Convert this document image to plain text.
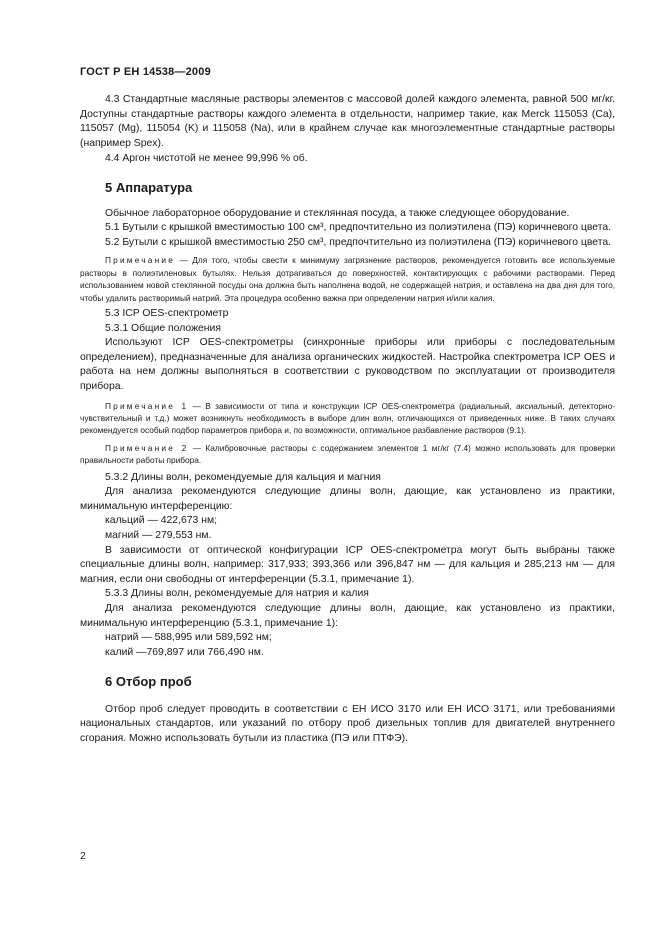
ГОСТ Р ЕН 14538—2009

4.3 Стандартные масляные растворы элементов с массовой долей каждого элемента, равной 500 мг/кг. Доступны стандартные растворы каждого элемента в отдельности, например такие, как Merck 115053 (Ca), 115057 (Mg), 115054 (K) и 115058 (Na), или в крайнем случае как многоэлементные стандартные растворы (например Spex).

4.4 Аргон чистотой не менее 99,996 % об.

5 Аппаратура

Обычное лабораторное оборудование и стеклянная посуда, а также следующее оборудование.

5.1 Бутыли с крышкой вместимостью 100 см³, предпочтительно из полиэтилена (ПЭ) коричневого цвета.

5.2 Бутыли с крышкой вместимостью 250 см³, предпочтительно из полиэтилена (ПЭ) коричневого цвета.

Примечание — Для того, чтобы свести к минимуму загрязнение растворов, рекомендуется готовить все используемые растворы в полиэтиленовых бутылях. Нельзя дотрагиваться до поверхностей, контактирующих с рабочими растворами. Перед использованием новой стеклянной посуды она должна быть наполнена водой, не содержащей натрия, и оставлена на два дня для того, чтобы удалить растворимый натрий. Эта процедура особенно важна при определении натрия и/или калия.

5.3 ICP OES-спектрометр

5.3.1 Общие положения

Используют ICP OES-спектрометры (синхронные приборы или приборы с последовательным определением), предназначенные для анализа органических жидкостей. Настройка спектрометра ICP OES и работа на нем должны выполняться в соответствии с руководством по эксплуатации от производителя прибора.

Примечание 1 — В зависимости от типа и конструкции ICP OES-спектрометра (радиальный, аксиальный, детекторно-чувствительный и т.д.) может возникнуть необходимость в выборе длин волн, отличающихся от приведенных ниже. В таких случаях рекомендуется особый подбор параметров прибора и, по возможности, оптимальное разбавление растворов (9.1).

Примечание 2 — Калибровочные растворы с содержанием элементов 1 мг/кг (7.4) можно использовать для проверки правильности работы прибора.

5.3.2 Длины волн, рекомендуемые для кальция и магния

Для анализа рекомендуются следующие длины волн, дающие, как установлено из практики, минимальную интерференцию:

кальций — 422,673 нм;

магний — 279,553 нм.

В зависимости от оптической конфигурации ICP OES-спектрометра могут быть выбраны также специальные длины волн, например: 317,933; 393,366 или 396,847 нм — для кальция и 285,213 нм — для магния, если они свободны от интерференции (5.3.1, примечание 1).

5.3.3 Длины волн, рекомендуемые для натрия и калия

Для анализа рекомендуются следующие длины волн, дающие, как установлено из практики, минимальную интерференцию (5.3.1, примечание 1):

натрий — 588,995 или 589,592 нм;

калий —769,897 или 766,490 нм.

6 Отбор проб

Отбор проб следует проводить в соответствии с ЕН ИСО 3170 или ЕН ИСО 3171, или требованиями национальных стандартов, или указаний по отбору проб дизельных топлив для двигателей внутреннего сгорания. Можно использовать бутыли из пластика (ПЭ или ПТФЭ).

2
